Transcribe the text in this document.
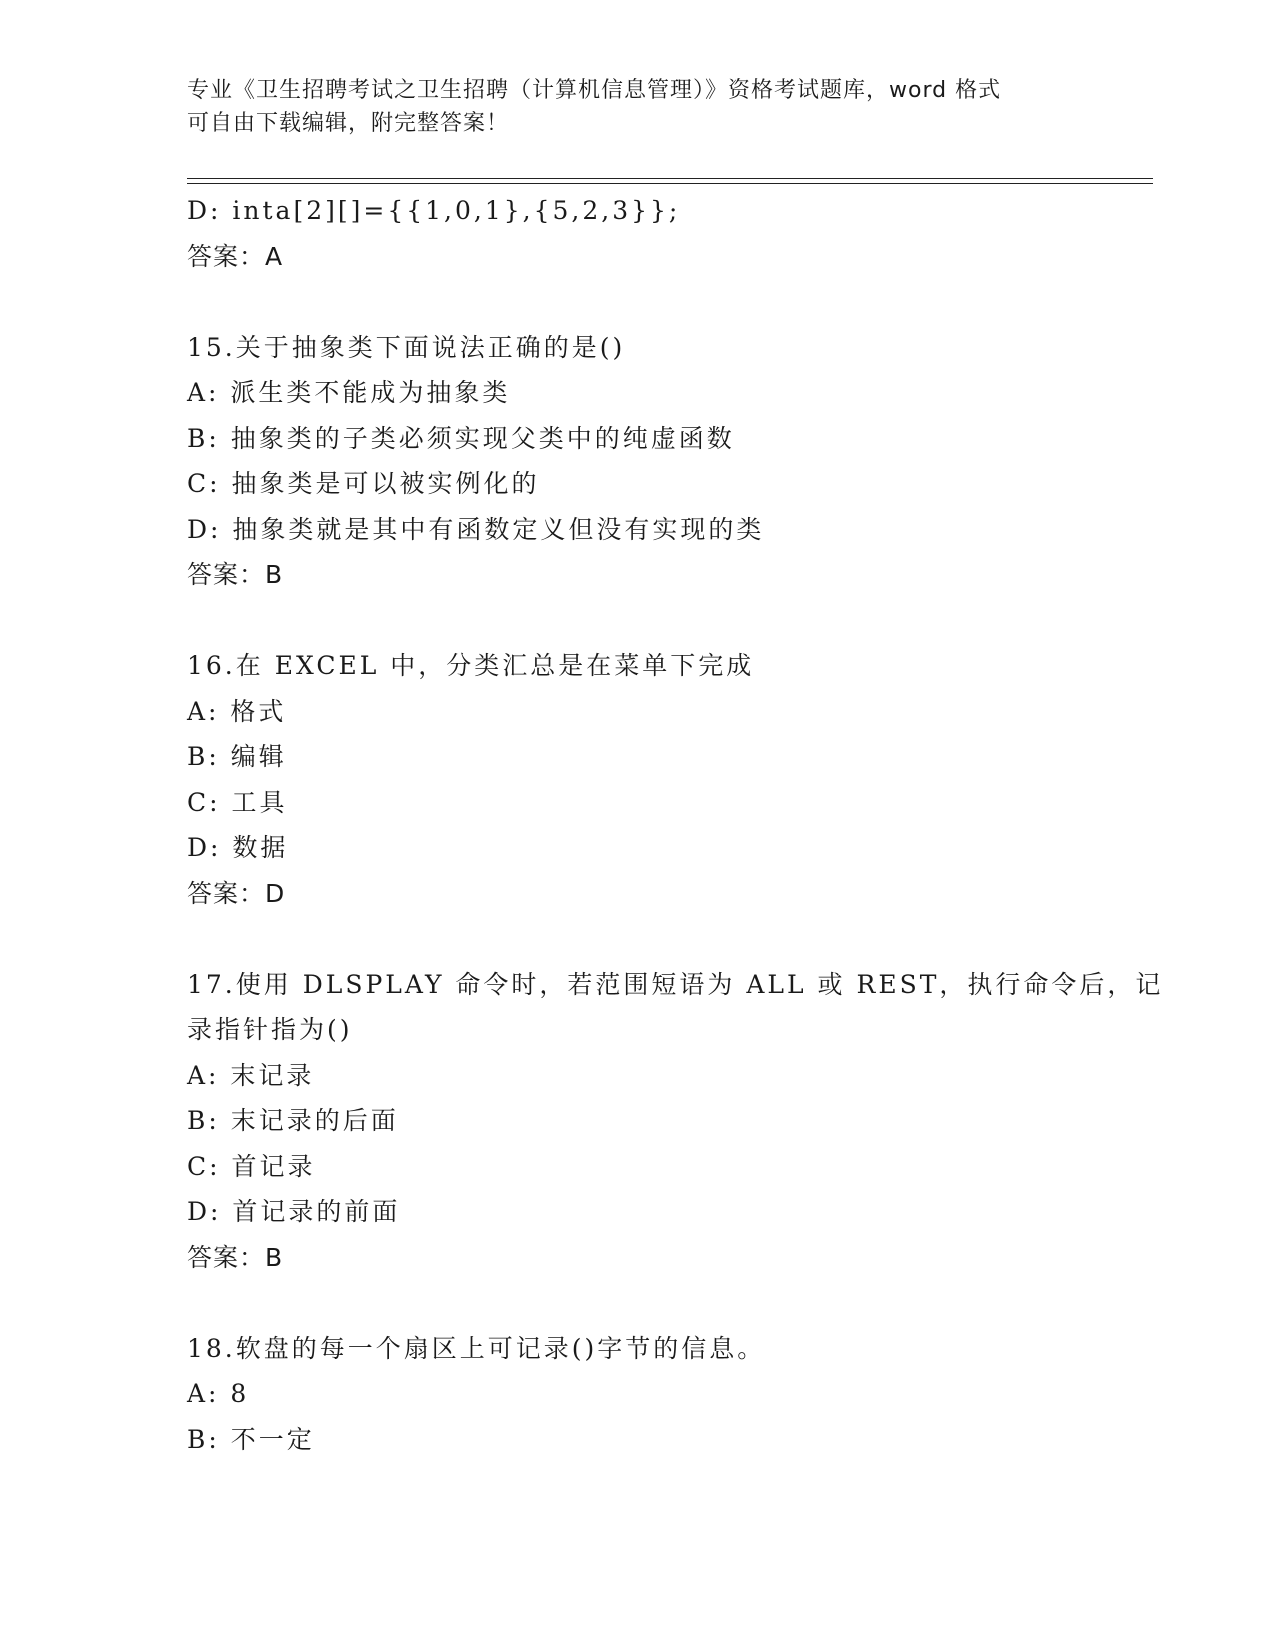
专业《卫生招聘考试之卫生招聘（计算机信息管理）》资格考试题库，word 格式
可自由下载编辑，附完整答案！
D: inta[2][]={{1,0,1},{5,2,3}};
答案：A
15.关于抽象类下面说法正确的是()
A: 派生类不能成为抽象类
B: 抽象类的子类必须实现父类中的纯虚函数
C: 抽象类是可以被实例化的
D: 抽象类就是其中有函数定义但没有实现的类
答案：B
16.在 EXCEL 中，分类汇总是在菜单下完成
A: 格式
B: 编辑
C: 工具
D: 数据
答案：D
17.使用 DLSPLAY 命令时，若范围短语为 ALL 或 REST，执行命令后，记
录指针指为()
A: 末记录
B: 末记录的后面
C: 首记录
D: 首记录的前面
答案：B
18.软盘的每一个扇区上可记录()字节的信息。
A: 8
B: 不一定
